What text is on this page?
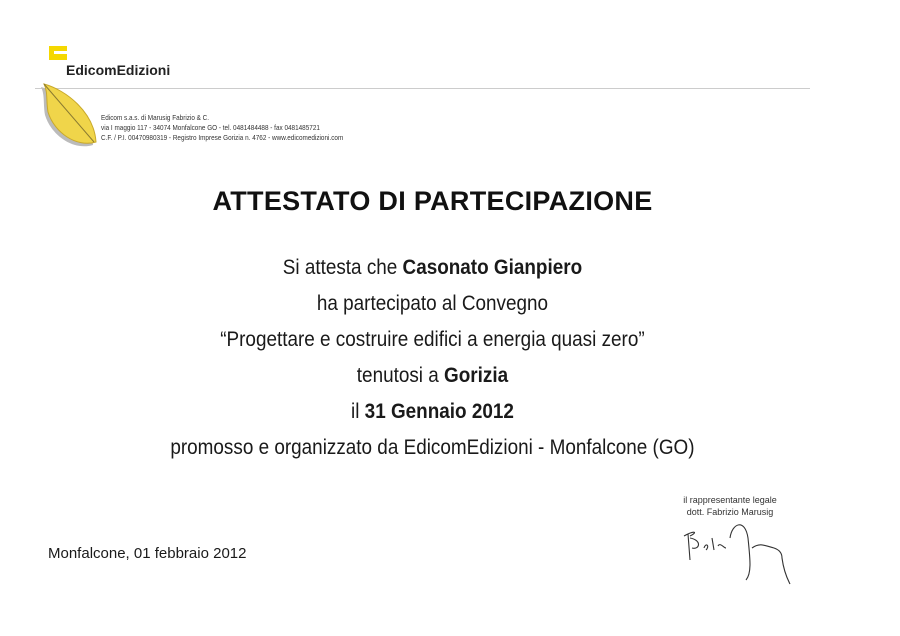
EdicomEdizioni
Edicom s.a.s. di Marusig Fabrizio & C.
via I maggio 117 - 34074 Monfalcone GO - tel. 0481484488 - fax 0481485721
C.F. / P.I. 00470980319 - Registro Imprese Gorizia n. 4762 - www.edicomedizioni.com
ATTESTATO DI PARTECIPAZIONE
Si attesta che Casonato Gianpiero
ha partecipato al Convegno
“Progettare e costruire edifici a energia quasi zero”
tenutosi a Gorizia
il 31 Gennaio 2012
promosso e organizzato da EdicomEdizioni - Monfalcone (GO)
Monfalcone, 01 febbraio 2012
il rappresentante legale
dott. Fabrizio Marusig
